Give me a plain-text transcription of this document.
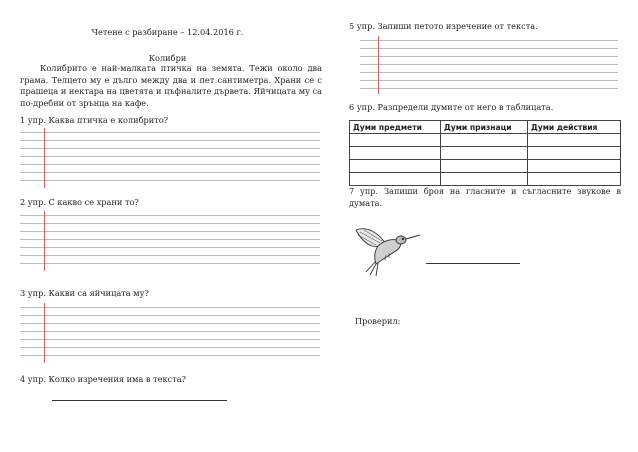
Четене с разбиране – 12.04.2016 г.
Колибри
Колибрито е най-малката птичка на земята. Тежи около два грама. Телцето му е дълго между два и пет сантиметра. Храни се с прашеца и нектара на цветята и цъфналите дървета. Яйчицата му са по-дребни от зрънца на кафе.
1 упр. Каква птичка е колибрито?
2 упр. С какво се храни то?
3 упр. Какви са яйчицата му?
4 упр. Колко изречения има в текста?
5 упр. Запиши петото изречение от текста.
6 упр. Разпредели думите от него в таблицата.
Думи предмети	Думи признаци	Думи действия

7 упр. Запиши броя на гласните и съгласните звукове в думата.
Проверил:
